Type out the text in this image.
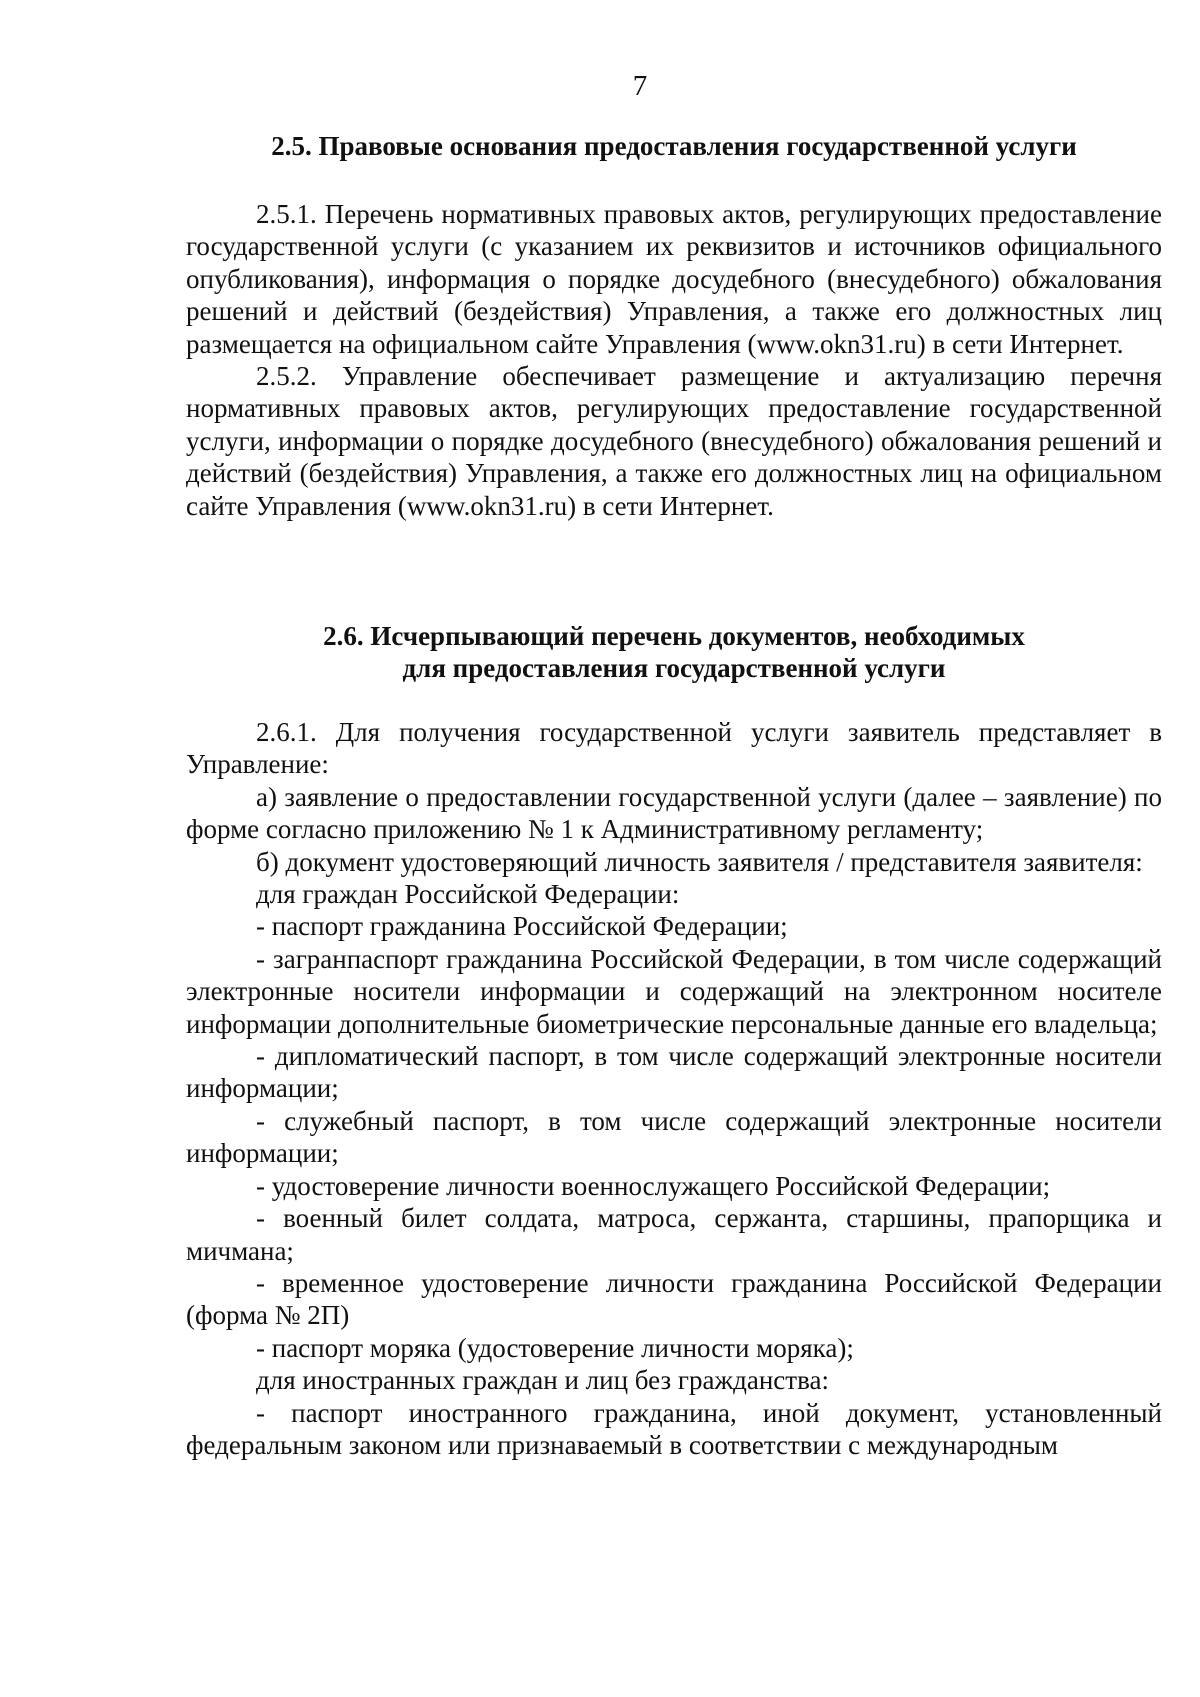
7
2.5. Правовые основания предоставления государственной услуги

2.5.1. Перечень нормативных правовых актов, регулирующих предоставление государственной услуги (с указанием их реквизитов и источников официального опубликования), информация о порядке досудебного (внесудебного) обжалования решений и действий (бездействия) Управления, а также его должностных лиц размещается на официальном сайте Управления (www.okn31.ru) в сети Интернет.

2.5.2. Управление обеспечивает размещение и актуализацию перечня нормативных правовых актов, регулирующих предоставление государственной услуги, информации о порядке досудебного (внесудебного) обжалования решений и действий (бездействия) Управления, а также его должностных лиц на официальном сайте Управления (www.okn31.ru) в сети Интернет.

2.6. Исчерпывающий перечень документов, необходимых
для предоставления государственной услуги

2.6.1. Для получения государственной услуги заявитель представляет в Управление:

а) заявление о предоставлении государственной услуги (далее – заявление) по форме согласно приложению № 1 к Административному регламенту;

б) документ удостоверяющий личность заявителя / представителя заявителя:

для граждан Российской Федерации:

- паспорт гражданина Российской Федерации;

- загранпаспорт гражданина Российской Федерации, в том числе содержащий электронные носители информации и содержащий на электронном носителе информации дополнительные биометрические персональные данные его владельца;

- дипломатический паспорт, в том числе содержащий электронные носители информации;

- служебный паспорт, в том числе содержащий электронные носители информации;

- удостоверение личности военнослужащего Российской Федерации;

- военный билет солдата, матроса, сержанта, старшины, прапорщика и мичмана;

- временное удостоверение личности гражданина Российской Федерации (форма № 2П)

- паспорт моряка (удостоверение личности моряка);

для иностранных граждан и лиц без гражданства:

- паспорт иностранного гражданина, иной документ, установленный федеральным законом или признаваемый в соответствии с международным
